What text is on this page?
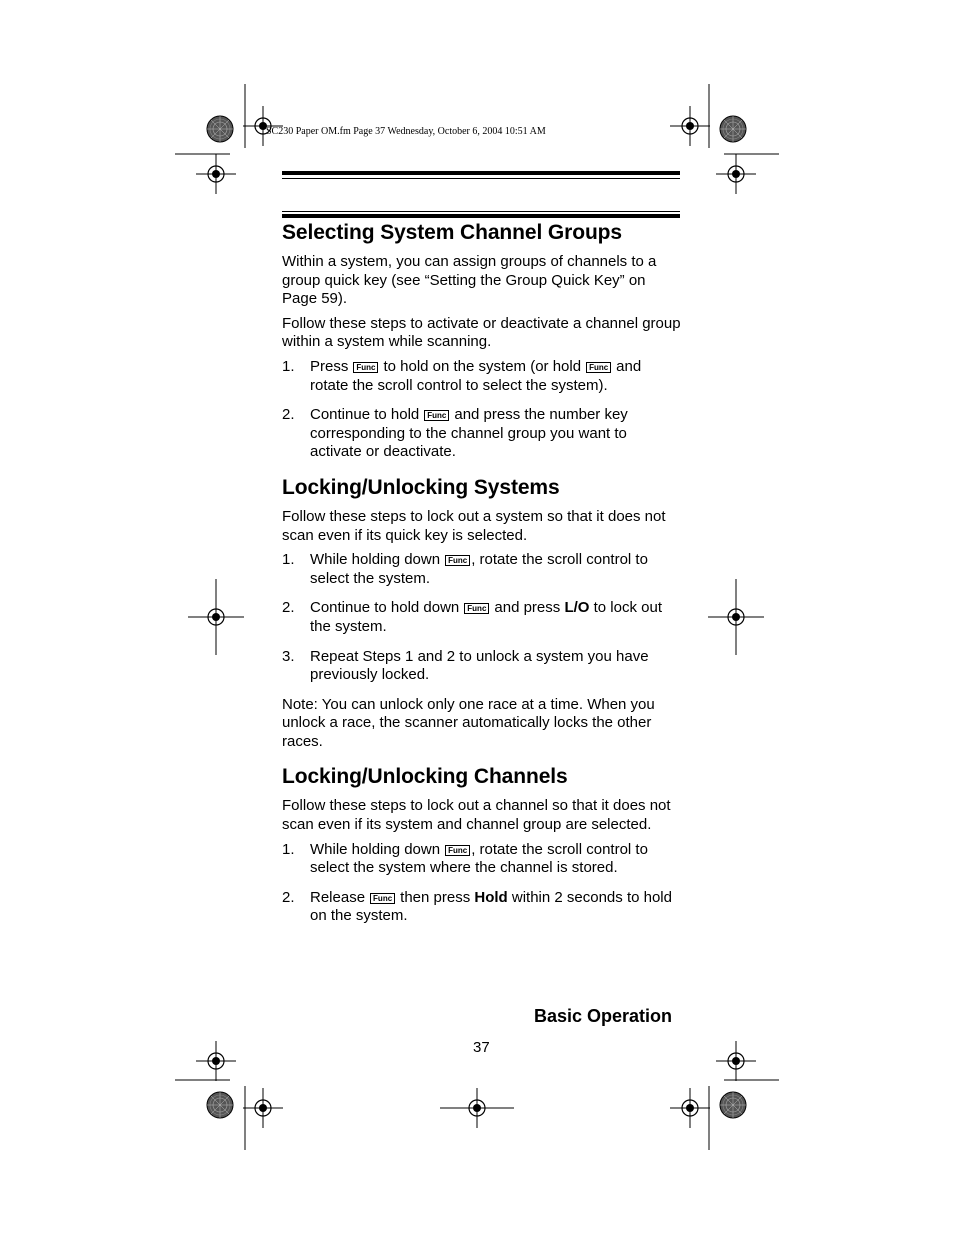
SC230 Paper OM.fm Page 37 Wednesday, October 6, 2004 10:51 AM
Selecting System Channel Groups

Within a system, you can assign groups of channels to a group quick key (see “Setting the Group Quick Key” on Page 59).

Follow these steps to activate or deactivate a channel group within a system while scanning.

1. Press Func to hold on the system (or hold Func and rotate the scroll control to select the system).
2. Continue to hold Func and press the number key corresponding to the channel group you want to activate or deactivate.
Locking/Unlocking Systems

Follow these steps to lock out a system so that it does not scan even if its quick key is selected.

1. While holding down Func , rotate the scroll control to select the system.
2. Continue to hold down Func and press L/O to lock out the system.
3. Repeat Steps 1 and 2 to unlock a system you have previously locked.

Note: You can unlock only one race at a time. When you unlock a race, the scanner automatically locks the other races.

Locking/Unlocking Channels

Follow these steps to lock out a channel so that it does not scan even if its system and channel group are selected.

1. While holding down Func , rotate the scroll control to select the system where the channel is stored.
2. Release Func then press Hold within 2 seconds to hold on the system.
Basic Operation
37
